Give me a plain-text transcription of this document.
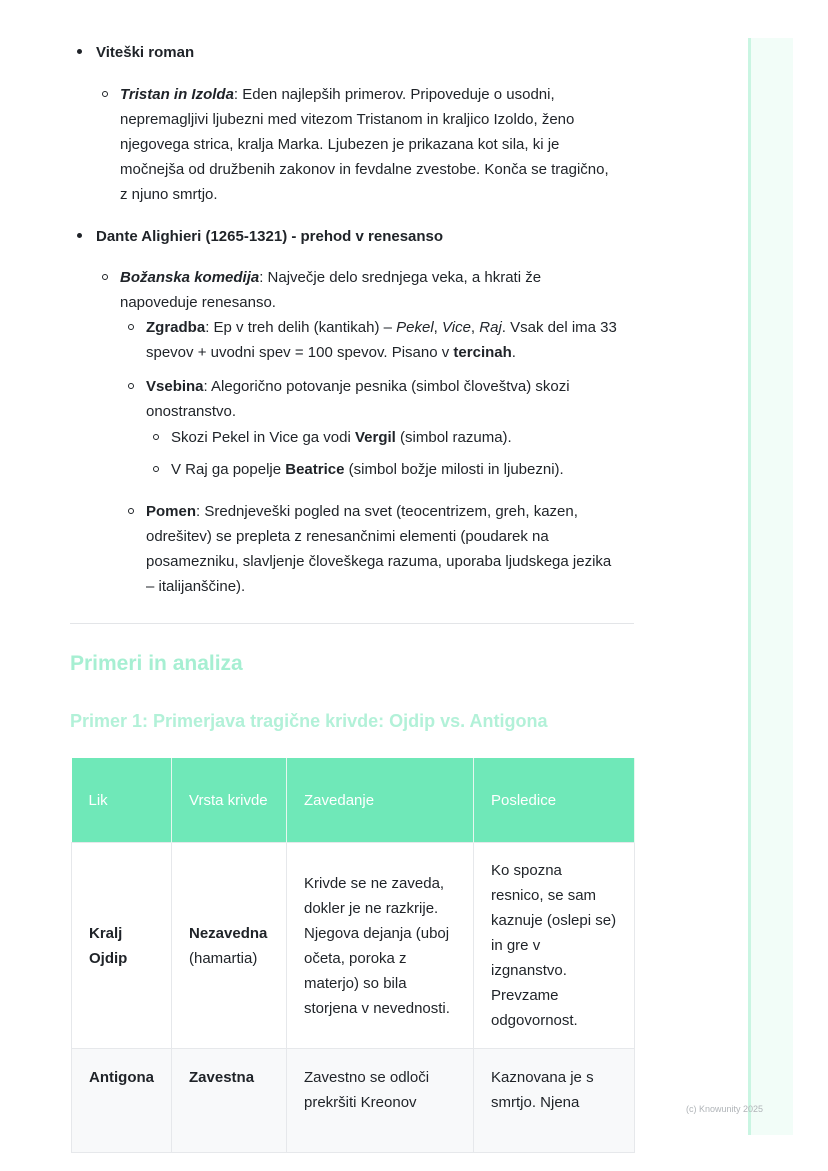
Viteški roman
Tristan in Izolda: Eden najlepših primerov. Pripoveduje o usodni, nepremagljivi ljubezni med vitezom Tristanom in kraljico Izoldo, ženo njegovega strica, kralja Marka. Ljubezen je prikazana kot sila, ki je močnejša od družbenih zakonov in fevdalne zvestobe. Konča se tragično, z njuno smrtjo.
Dante Alighieri (1265-1321) - prehod v renesanso
Božanska komedija: Največje delo srednjega veka, a hkrati že napoveduje renesanso.
Zgradba: Ep v treh delih (kantikah) – Pekel, Vice, Raj. Vsak del ima 33 spevov + uvodni spev = 100 spevov. Pisano v tercinah.
Vsebina: Alegorično potovanje pesnika (simbol človeštva) skozi onostranstvo.
Skozi Pekel in Vice ga vodi Vergil (simbol razuma).
V Raj ga popelje Beatrice (simbol božje milosti in ljubezni).
Pomen: Srednjeveški pogled na svet (teocentrizem, greh, kazen, odrešitev) se prepleta z renesančnimi elementi (poudarek na posamezniku, slavljenje človeškega razuma, uporaba ljudskega jezika – italijanščine).
Primeri in analiza
Primer 1: Primerjava tragične krivde: Ojdip vs. Antigona
Lik	Vrsta krivde	Zavedanje	Posledice
Kralj Ojdip	Nezavedna
(hamartia)	Krivde se ne zaveda, dokler je ne razkrije. Njegova dejanja (uboj očeta, poroka z materjo) so bila storjena v nevednosti.	Ko spozna resnico, se sam kaznuje (oslepi se) in gre v izgnanstvo. Prevzame odgovornost.
Antigona	Zavestna	Zavestno se odloči prekršiti Kreonov	Kaznovana je s smrtjo. Njena	(c) Knowunity 2025
